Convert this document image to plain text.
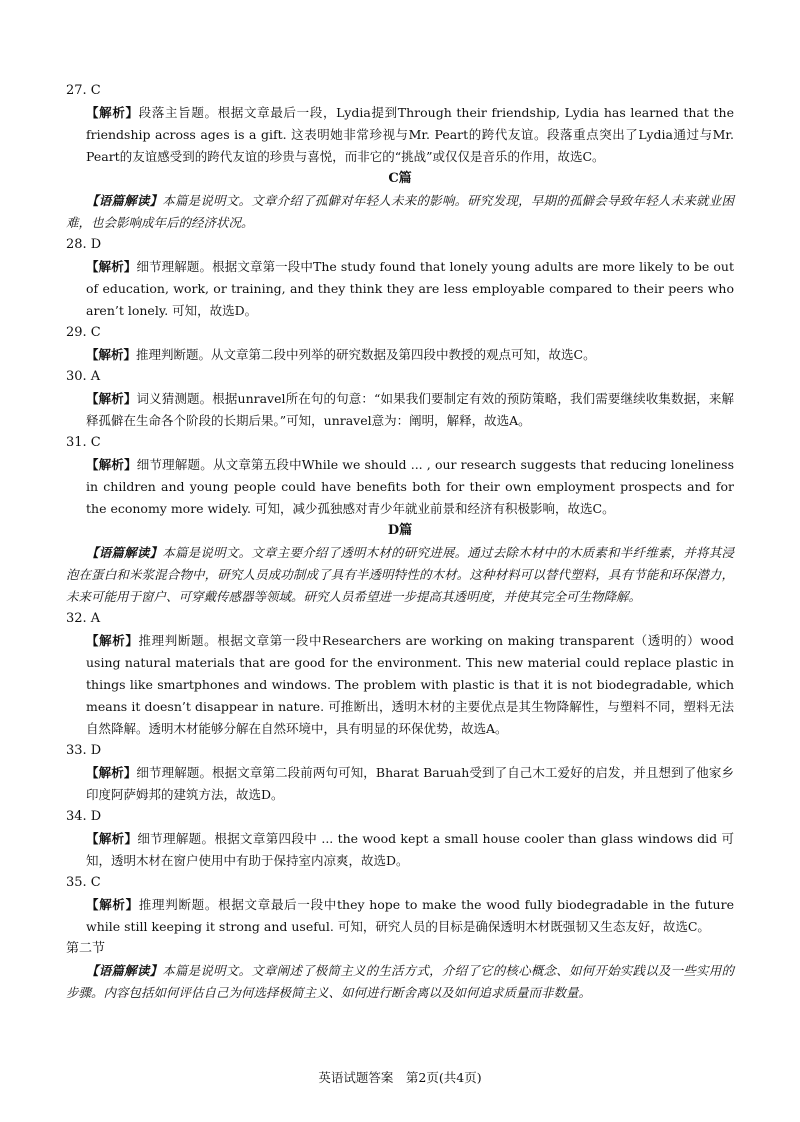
27. C

【解析】段落主旨题。根据文章最后一段，Lydia提到Through their friendship, Lydia has learned that the friendship across ages is a gift. 这表明她非常珍视与Mr. Peart的跨代友谊。段落重点突出了Lydia通过与Mr. Peart的友谊感受到的跨代友谊的珍贵与喜悦，而非它的“挑战”或仅仅是音乐的作用，故选C。

C篇

【语篇解读】本篇是说明文。文章介绍了孤僻对年轻人未来的影响。研究发现，早期的孤僻会导致年轻人未来就业困难，也会影响成年后的经济状况。

28. D

【解析】细节理解题。根据文章第一段中The study found that lonely young adults are more likely to be out of education, work, or training, and they think they are less employable compared to their peers who aren’t lonely. 可知，故选D。

29. C

【解析】推理判断题。从文章第二段中列举的研究数据及第四段中教授的观点可知，故选C。

30. A

【解析】词义猜测题。根据unravel所在句的句意：“如果我们要制定有效的预防策略，我们需要继续收集数据，来解释孤僻在生命各个阶段的长期后果。”可知，unravel意为：阐明，解释，故选A。

31. C

【解析】细节理解题。从文章第五段中While we should ... , our research suggests that reducing loneliness in children and young people could have benefits both for their own employment prospects and for the economy more widely. 可知，减少孤独感对青少年就业前景和经济有积极影响，故选C。

D篇

【语篇解读】本篇是说明文。文章主要介绍了透明木材的研究进展。通过去除木材中的木质素和半纤维素，并将其浸泡在蛋白和米浆混合物中，研究人员成功制成了具有半透明特性的木材。这种材料可以替代塑料，具有节能和环保潜力，未来可能用于窗户、可穿戴传感器等领域。研究人员希望进一步提高其透明度，并使其完全可生物降解。

32. A

【解析】推理判断题。根据文章第一段中Researchers are working on making transparent（透明的）wood using natural materials that are good for the environment. This new material could replace plastic in things like smartphones and windows. The problem with plastic is that it is not biodegradable, which means it doesn’t disappear in nature. 可推断出，透明木材的主要优点是其生物降解性，与塑料不同，塑料无法自然降解。透明木材能够分解在自然环境中，具有明显的环保优势，故选A。

33. D

【解析】细节理解题。根据文章第二段前两句可知，Bharat Baruah受到了自己木工爱好的启发，并且想到了他家乡印度阿萨姆邦的建筑方法，故选D。

34. D

【解析】细节理解题。根据文章第四段中 ... the wood kept a small house cooler than glass windows did 可知，透明木材在窗户使用中有助于保持室内凉爽，故选D。

35. C

【解析】推理判断题。根据文章最后一段中they hope to make the wood fully biodegradable in the future while still keeping it strong and useful. 可知，研究人员的目标是确保透明木材既强韧又生态友好，故选C。

第二节

【语篇解读】本篇是说明文。文章阐述了极简主义的生活方式，介绍了它的核心概念、如何开始实践以及一些实用的步骤。内容包括如何评估自己为何选择极简主义、如何进行断舍离以及如何追求质量而非数量。

英语试题答案　第2页(共4页)
